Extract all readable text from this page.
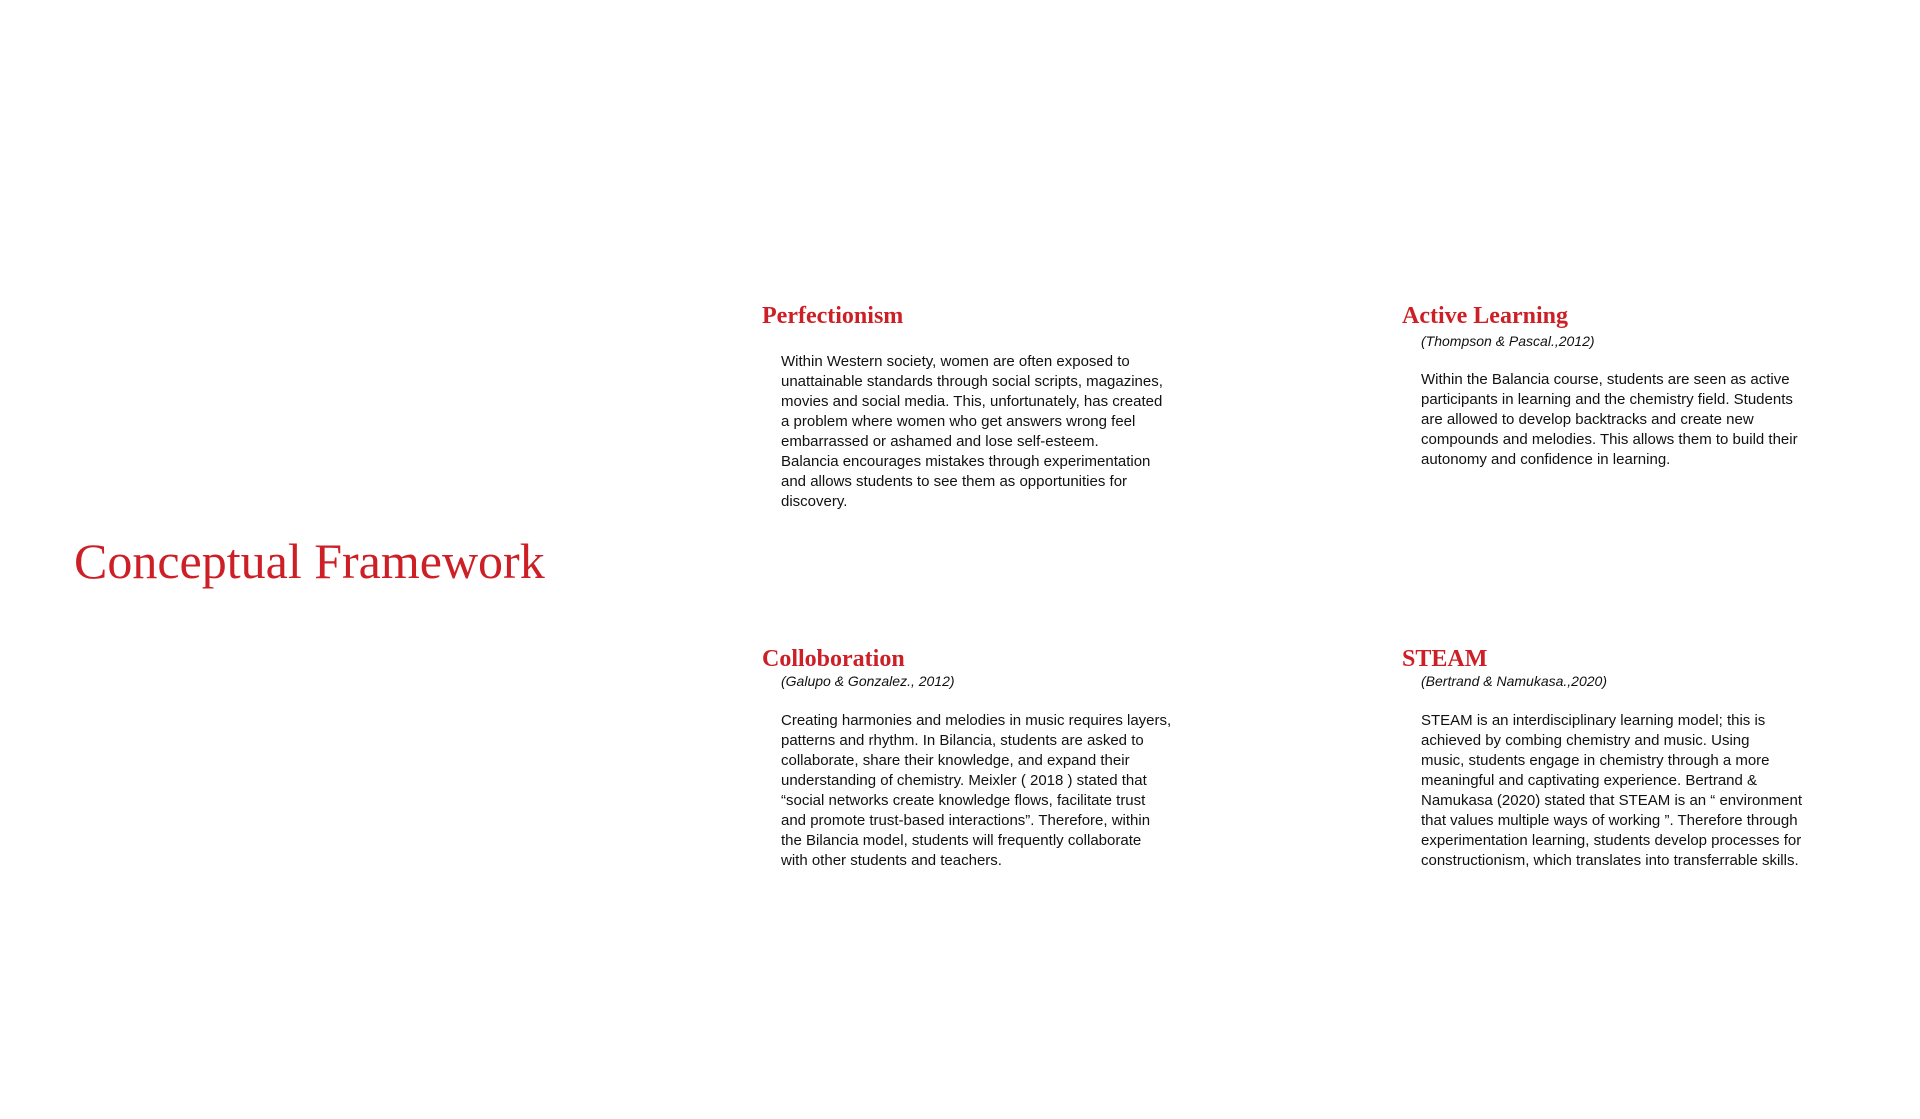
Conceptual Framework
Perfectionism

Within Western society, women are often exposed to
unattainable standards through social scripts, magazines,
movies and social media. This, unfortunately, has created
a problem where women who get answers wrong feel
embarrassed or ashamed and lose self-esteem.
Balancia encourages mistakes through experimentation
and allows students to see them as opportunities for
discovery.

Active Learning

(Thompson & Pascal.,2012)

Within the Balancia course, students are seen as active
participants in learning and the chemistry field. Students
are allowed to develop backtracks and create new
compounds and melodies. This allows them to build their
autonomy and confidence in learning.

Colloboration

(Galupo & Gonzalez., 2012)

Creating harmonies and melodies in music requires layers,
patterns and rhythm. In Bilancia, students are asked to
collaborate, share their knowledge, and expand their
understanding of chemistry. Meixler ( 2018 ) stated that
“social networks create knowledge flows, facilitate trust
and promote trust-based interactions”. Therefore, within
the Bilancia model, students will frequently collaborate
with other students and teachers.

STEAM

(Bertrand & Namukasa.,2020)

STEAM is an interdisciplinary learning model; this is
achieved by combing chemistry and music. Using
music, students engage in chemistry through a more
meaningful and captivating experience. Bertrand &
Namukasa (2020) stated that STEAM is an “ environment
that values multiple ways of working ”. Therefore through
experimentation learning, students develop processes for
constructionism, which translates into transferrable skills.
